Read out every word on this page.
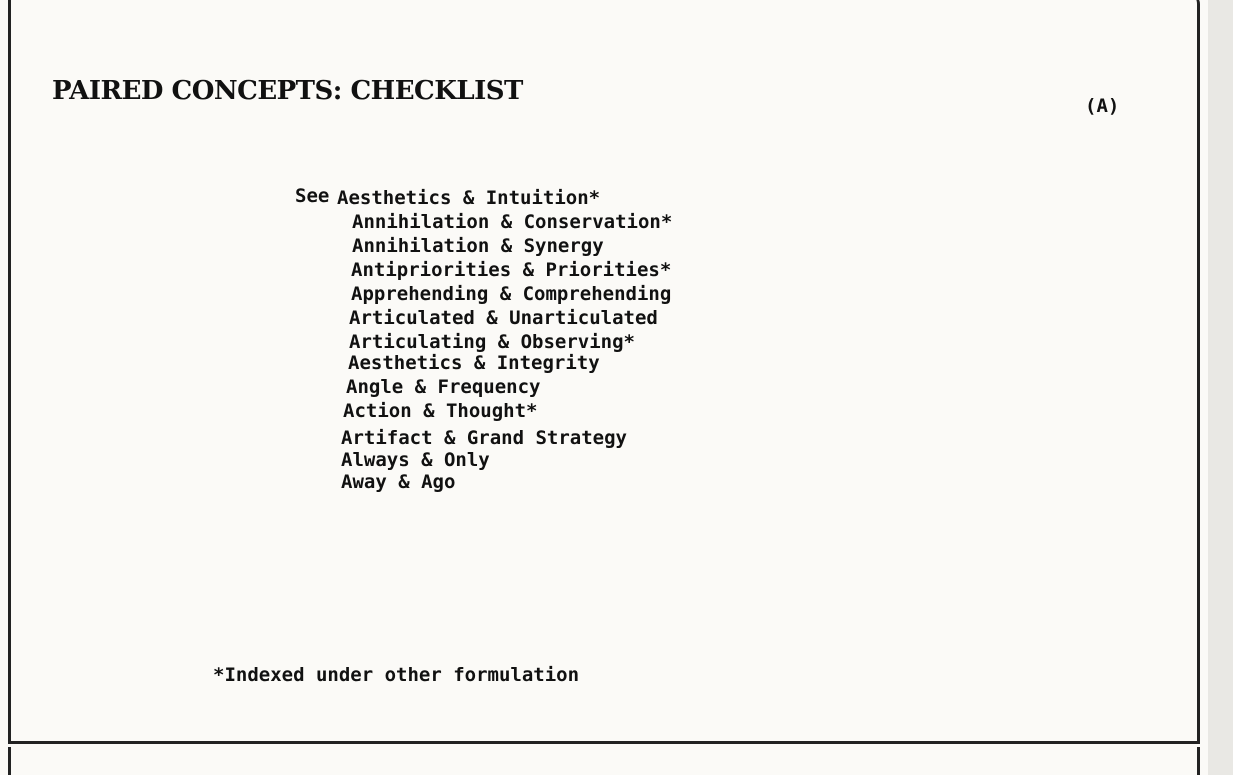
PAIRED CONCEPTS: CHECKLIST	(A)
See Aesthetics & Intuition*
Annihilation & Conservation*
Annihilation & Synergy
Antipriorities & Priorities*
Apprehending & Comprehending
Articulated & Unarticulated
Articulating & Observing*
Aesthetics & Integrity
Angle & Frequency
Action & Thought*
Artifact & Grand Strategy
Always & Only
Away & Ago
*Indexed under other formulation
